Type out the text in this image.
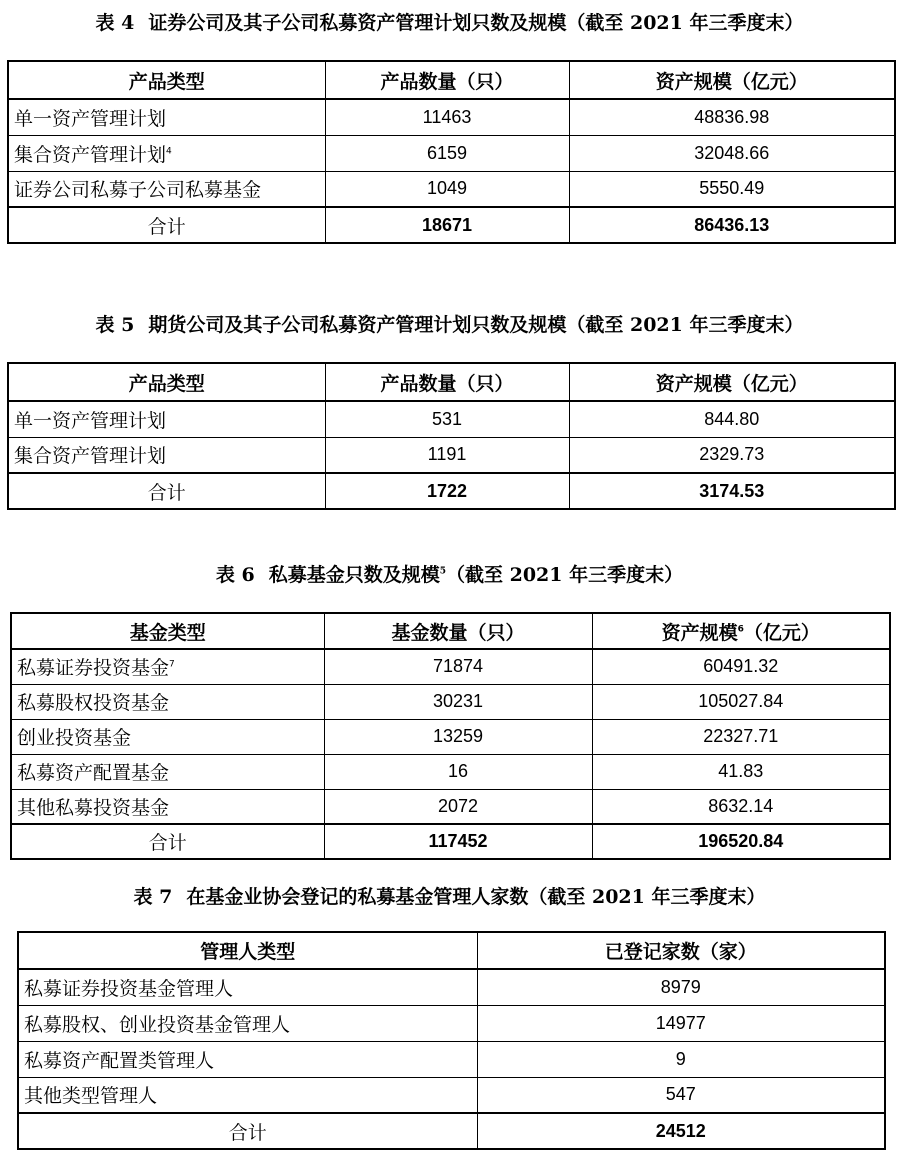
表 4 证券公司及其子公司私募资产管理计划只数及规模（截至 2021 年三季度末）
产品类型	产品数量（只）	资产规模（亿元）
单一资产管理计划	11463	48836.98
集合资产管理计划$^4$	6159	32048.66
证券公司私募子公司私募基金	1049	5550.49
合计	18671	86436.13
表 5 期货公司及其子公司私募资产管理计划只数及规模（截至 2021 年三季度末）
产品类型	产品数量（只）	资产规模（亿元）
单一资产管理计划	531	844.80
集合资产管理计划	1191	2329.73
合计	1722	3174.53
表 6 私募基金只数及规模$^5$（截至 2021 年三季度末）
基金类型	基金数量（只）	资产规模$^6$（亿元）
私募证券投资基金$^7$	71874	60491.32
私募股权投资基金	30231	105027.84
创业投资基金	13259	22327.71
私募资产配置基金	16	41.83
其他私募投资基金	2072	8632.14
合计	117452	196520.84
表 7 在基金业协会登记的私募基金管理人家数（截至 2021 年三季度末）
管理人类型	已登记家数（家）
私募证券投资基金管理人	8979
私募股权、创业投资基金管理人	14977
私募资产配置类管理人	9
其他类型管理人	547
合计	24512
